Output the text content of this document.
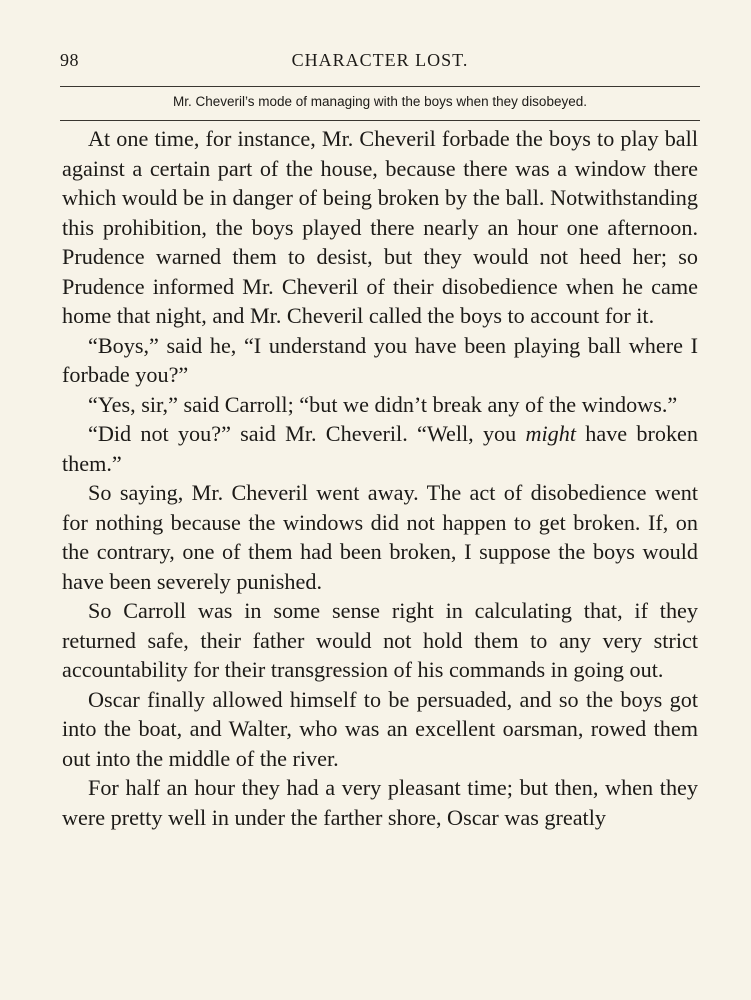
98	CHARACTER LOST.
Mr. Cheveril’s mode of managing with the boys when they disobeyed.

At one time, for instance, Mr. Cheveril forbade the boys to play ball against a certain part of the house, because there was a window there which would be in danger of being broken by the ball. Notwithstanding this prohibition, the boys played there nearly an hour one afternoon. Prudence warned them to desist, but they would not heed her; so Prudence informed Mr. Cheveril of their disobedience when he came home that night, and Mr. Cheveril called the boys to account for it.

“Boys,” said he, “I understand you have been playing ball where I forbade you?”

“Yes, sir,” said Carroll; “but we didn’t break any of the windows.”

“Did not you?” said Mr. Cheveril. “Well, you might have broken them.”

So saying, Mr. Cheveril went away. The act of disobedience went for nothing because the windows did not happen to get broken. If, on the contrary, one of them had been broken, I suppose the boys would have been severely punished.

So Carroll was in some sense right in calculating that, if they returned safe, their father would not hold them to any very strict accountability for their transgression of his commands in going out.

Oscar finally allowed himself to be persuaded, and so the boys got into the boat, and Walter, who was an excellent oarsman, rowed them out into the middle of the river.

For half an hour they had a very pleasant time; but then, when they were pretty well in under the farther shore, Oscar was greatly
